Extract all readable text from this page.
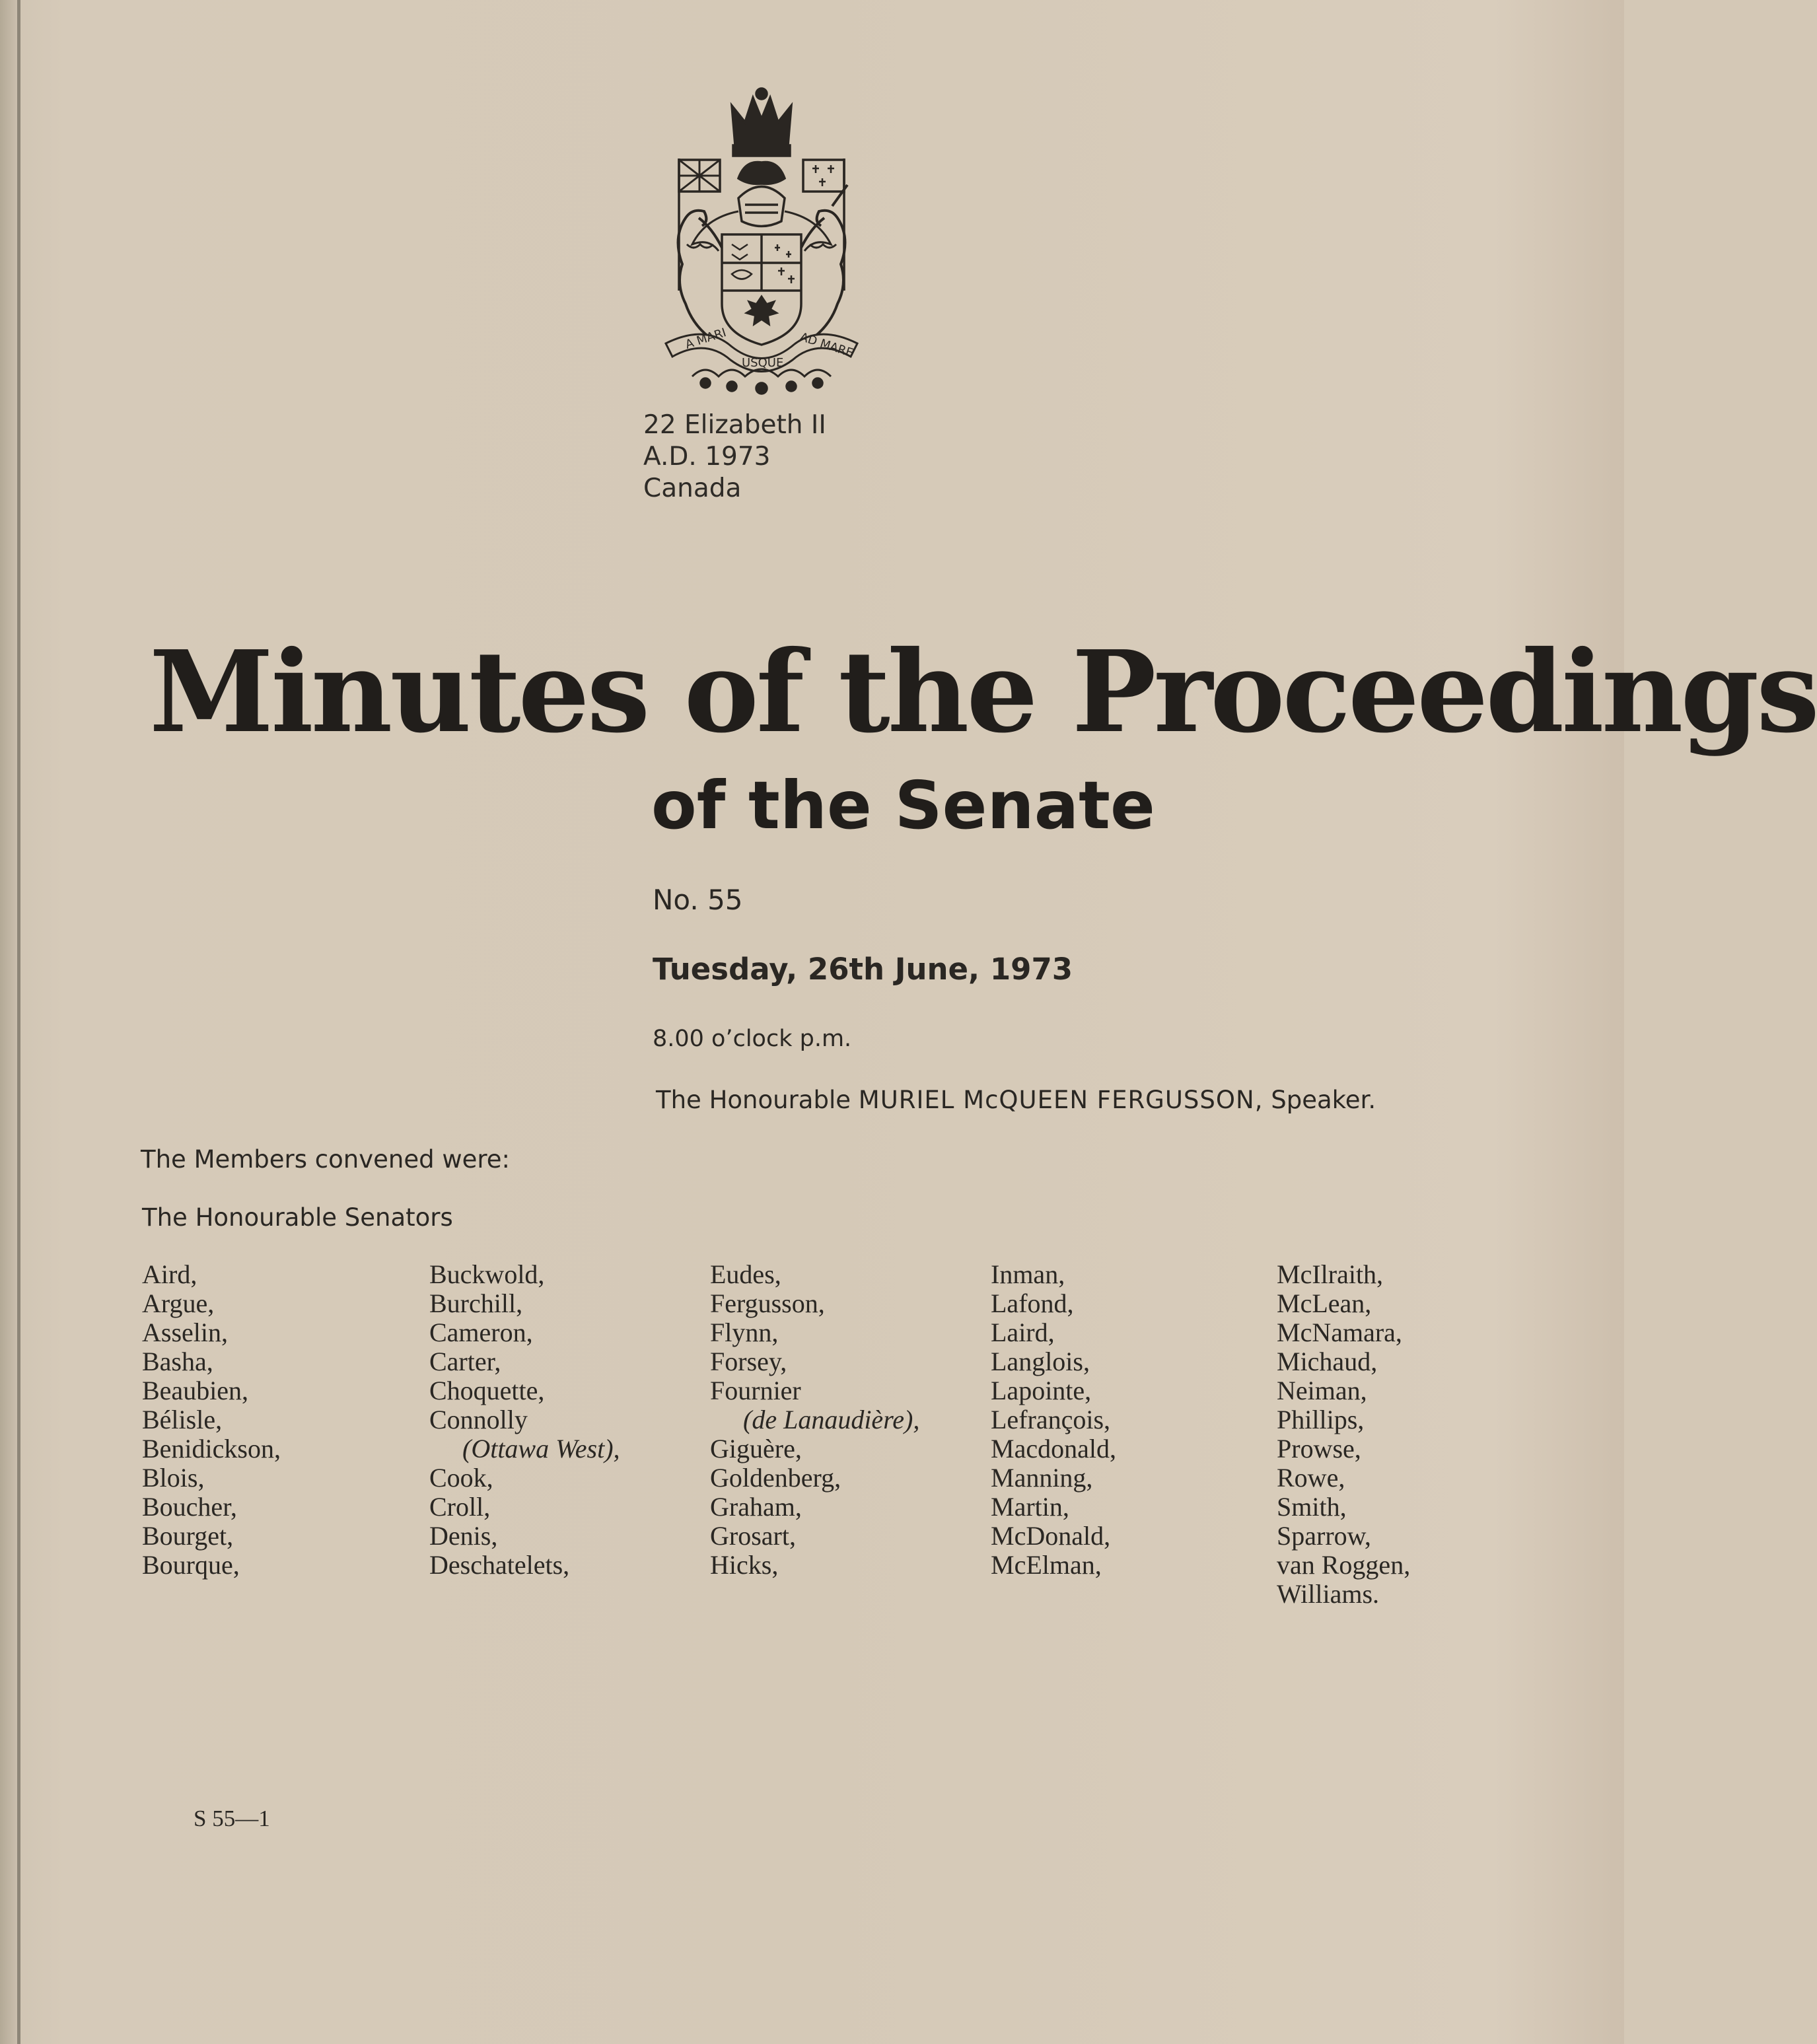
A MARI
USQUE
AD MARE
22 Elizabeth II
A.D. 1973
Canada
Minutes of the Proceedings
of the Senate
No. 55
Tuesday, 26th June, 1973
8.00 o’clock p.m.
The Honourable MURIEL McQUEEN FERGUSSON, Speaker.
The Members convened were:
The Honourable Senators
Aird,
Argue,
Asselin,
Basha,
Beaubien,
Bélisle,
Benidickson,
Blois,
Boucher,
Bourget,
Bourque,
Buckwold,
Burchill,
Cameron,
Carter,
Choquette,
Connolly
(Ottawa West),
Cook,
Croll,
Denis,
Deschatelets,
Eudes,
Fergusson,
Flynn,
Forsey,
Fournier
(de Lanaudière),
Giguère,
Goldenberg,
Graham,
Grosart,
Hicks,
Inman,
Lafond,
Laird,
Langlois,
Lapointe,
Lefrançois,
Macdonald,
Manning,
Martin,
McDonald,
McElman,
McIlraith,
McLean,
McNamara,
Michaud,
Neiman,
Phillips,
Prowse,
Rowe,
Smith,
Sparrow,
van Roggen,
Williams.
S 55—1
